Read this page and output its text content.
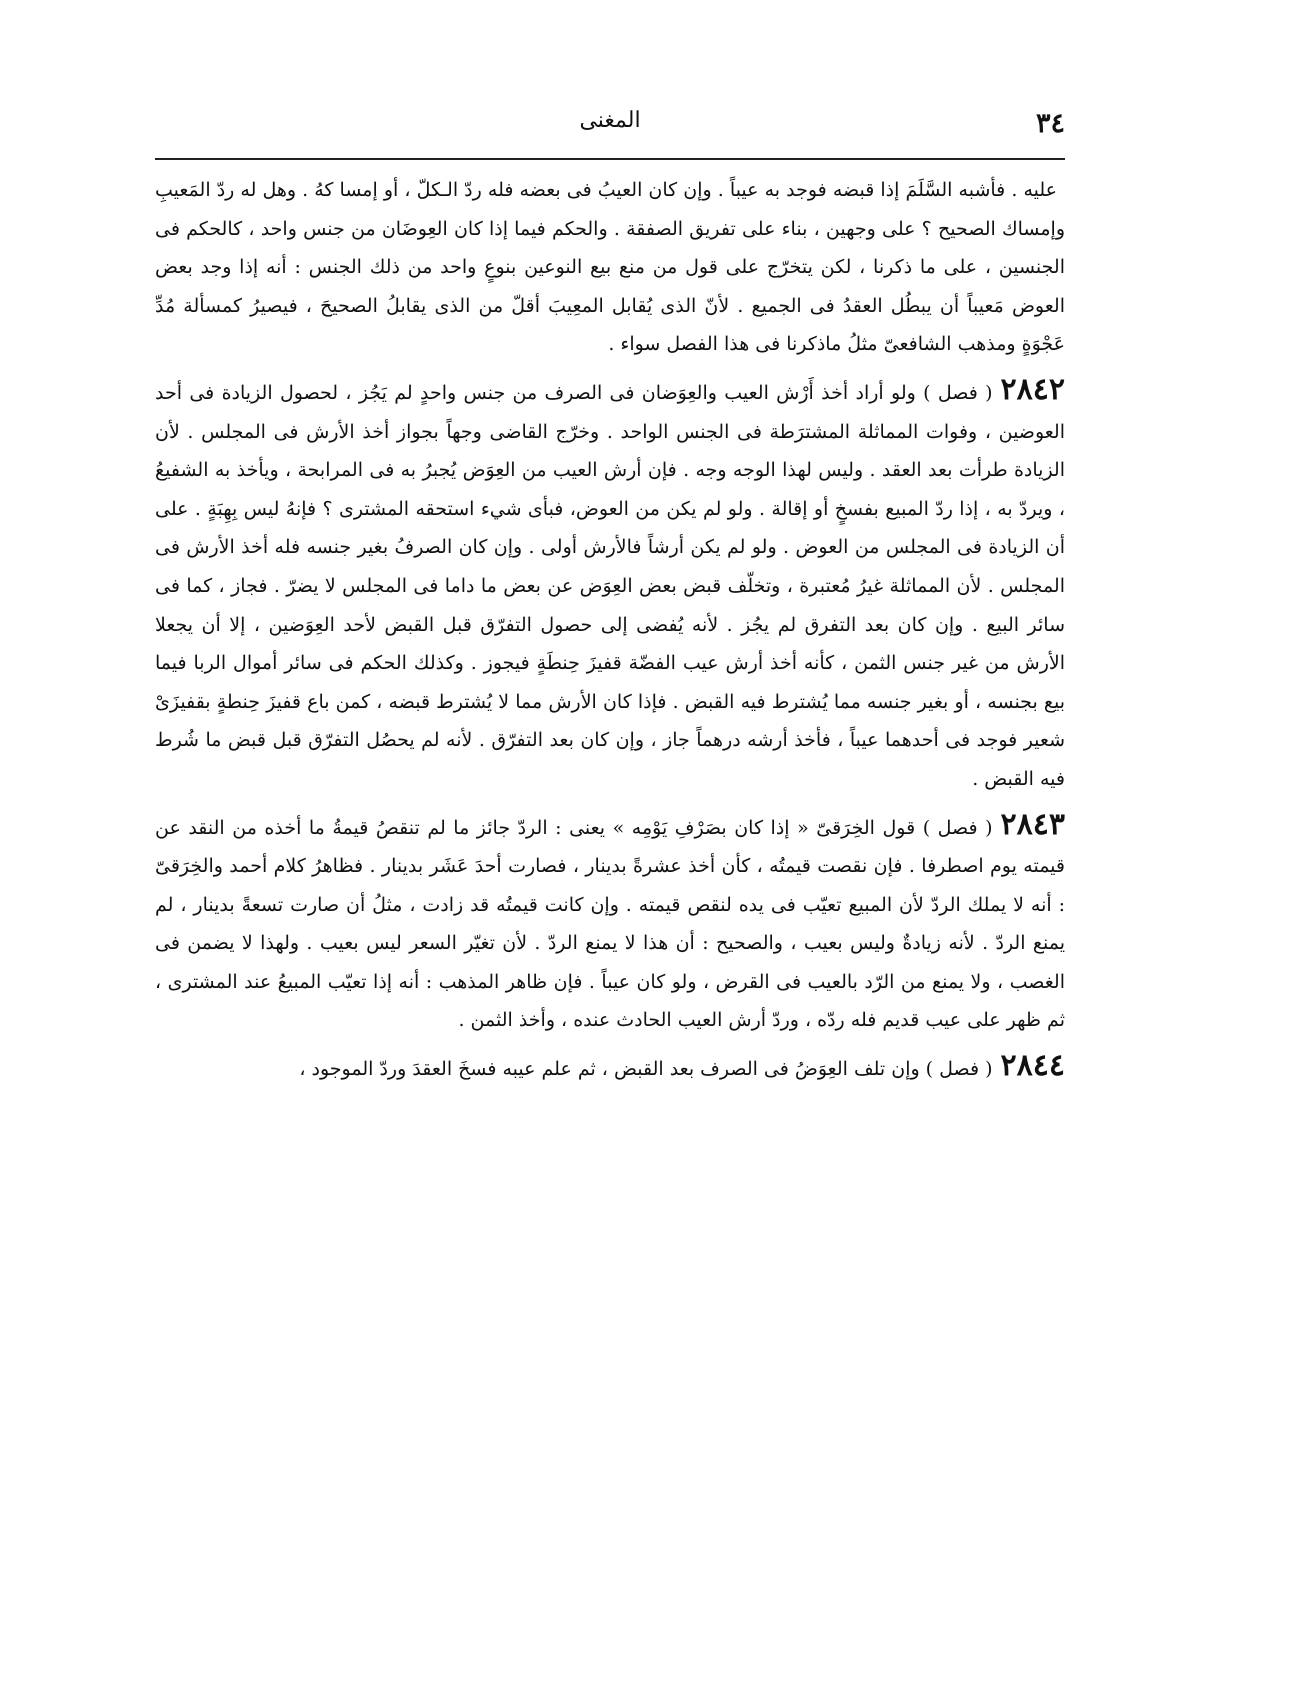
٣٤
المغنى

عليه . فأشبه السَّلَمَ إذا قبضه فوجد به عيباً . وإن كان العيبُ فى بعضه فله ردّ الـكلّ ، أو إمسا كهُ . وهل له ردّ المَعيبِ وإمساك الصحيح ؟ على وجهين ، بناء على تفريق الصفقة . والحكم فيما إذا كان العِوضَان من جنس واحد ، كالحكم فى الجنسين ، على ما ذكرنا ، لكن يتخرّج على قول من منع بيع النوعين بنوعٍ واحد من ذلك الجنس : أنه إذا وجد بعض العوض مَعيباً أن يبطُل العقدُ فى الجميع . لأنّ الذى يُقابل المعِيبَ أقلّ من الذى يقابلُ الصحيحَ ، فيصيرُ كمسألة مُدِّ عَجْوَةٍ ومذهب الشافعىّ مثلُ ماذكرنا فى هذا الفصل سواء .

٢٨٤٢( فصل ) ولو أراد أخذ أَرْش العيب والعِوَضان فى الصرف من جنس واحدٍ لم يَجُز ، لحصول الزيادة فى أحد العوضين ، وفوات المماثلة المشترَطة فى الجنس الواحد . وخرّج القاضى وجهاً بجواز أخذ الأرش فى المجلس . لأن الزيادة طرأت بعد العقد . وليس لهذا الوجه وجه . فإن أرش العيب من العِوَض يُجبرُ به فى المرابحة ، ويأخذ به الشفيعُ ، ويردّ به ، إذا ردّ المبيع بفسخٍ أو إقالة . ولو لم يكن من العوض، فبأى شيء استحقه المشترى ؟ فإنهُ ليس بِهِبَةٍ . على أن الزيادة فى المجلس من العوض . ولو لم يكن أرشاً فالأرش أولى . وإن كان الصرفُ بغير جنسه فله أخذ الأرش فى المجلس . لأن المماثلة غيرُ مُعتبرة ، وتخلّف قبض بعض العِوَض عن بعض ما داما فى المجلس لا يضرّ . فجاز ، كما فى سائر البيع . وإن كان بعد التفرق لم يجُز . لأنه يُفضى إلى حصول التفرّق قبل القبض لأحد العِوَضين ، إلا أن يجعلا الأرش من غير جنس الثمن ، كأنه أخذ أرش عيب الفضّة قفيزَ حِنطَةٍ فيجوز . وكذلك الحكم فى سائر أموال الربا فيما بيع بجنسه ، أو بغير جنسه مما يُشترط فيه القبض . فإذا كان الأرش مما لا يُشترط قبضه ، كمن باع قفيزَ حِنطةٍ بقفيزَىْ شعير فوجد فى أحدهما عيباً ، فأخذ أرشه درهماً جاز ، وإن كان بعد التفرّق . لأنه لم يحصُل التفرّق قبل قبض ما شُرط فيه القبض .

٢٨٤٣( فصل ) قول الخِرَقىّ « إذا كان بصَرْفِ يَوْمِه » يعنى : الردّ جائز ما لم تنقصُ قيمةُ ما أخذه من النقد عن قيمته يوم اصطرفا . فإن نقصت قيمتُه ، كأن أخذ عشرةً بدينار ، فصارت أحدَ عَشَر بدينار . فظاهرُ كلام أحمد والخِرَقىّ : أنه لا يملك الردّ لأن المبيع تعيّب فى يده لنقص قيمته . وإن كانت قيمتُه قد زادت ، مثلُ أن صارت تسعةً بدينار ، لم يمنع الردّ . لأنه زيادةٌ وليس بعيب ، والصحيح : أن هذا لا يمنع الردّ . لأن تغيّر السعر ليس بعيب . ولهذا لا يضمن فى الغصب ، ولا يمنع من الرّد بالعيب فى القرض ، ولو كان عيباً . فإن ظاهر المذهب : أنه إذا تعيّب المبيعُ عند المشترى ، ثم ظهر على عيب قديم فله ردّه ، وردّ أرش العيب الحادث عنده ، وأخذ الثمن .

٢٨٤٤( فصل ) وإن تلف العِوَضُ فى الصرف بعد القبض ، ثم علم عيبه فسخَ العقدَ وردّ الموجود ،
